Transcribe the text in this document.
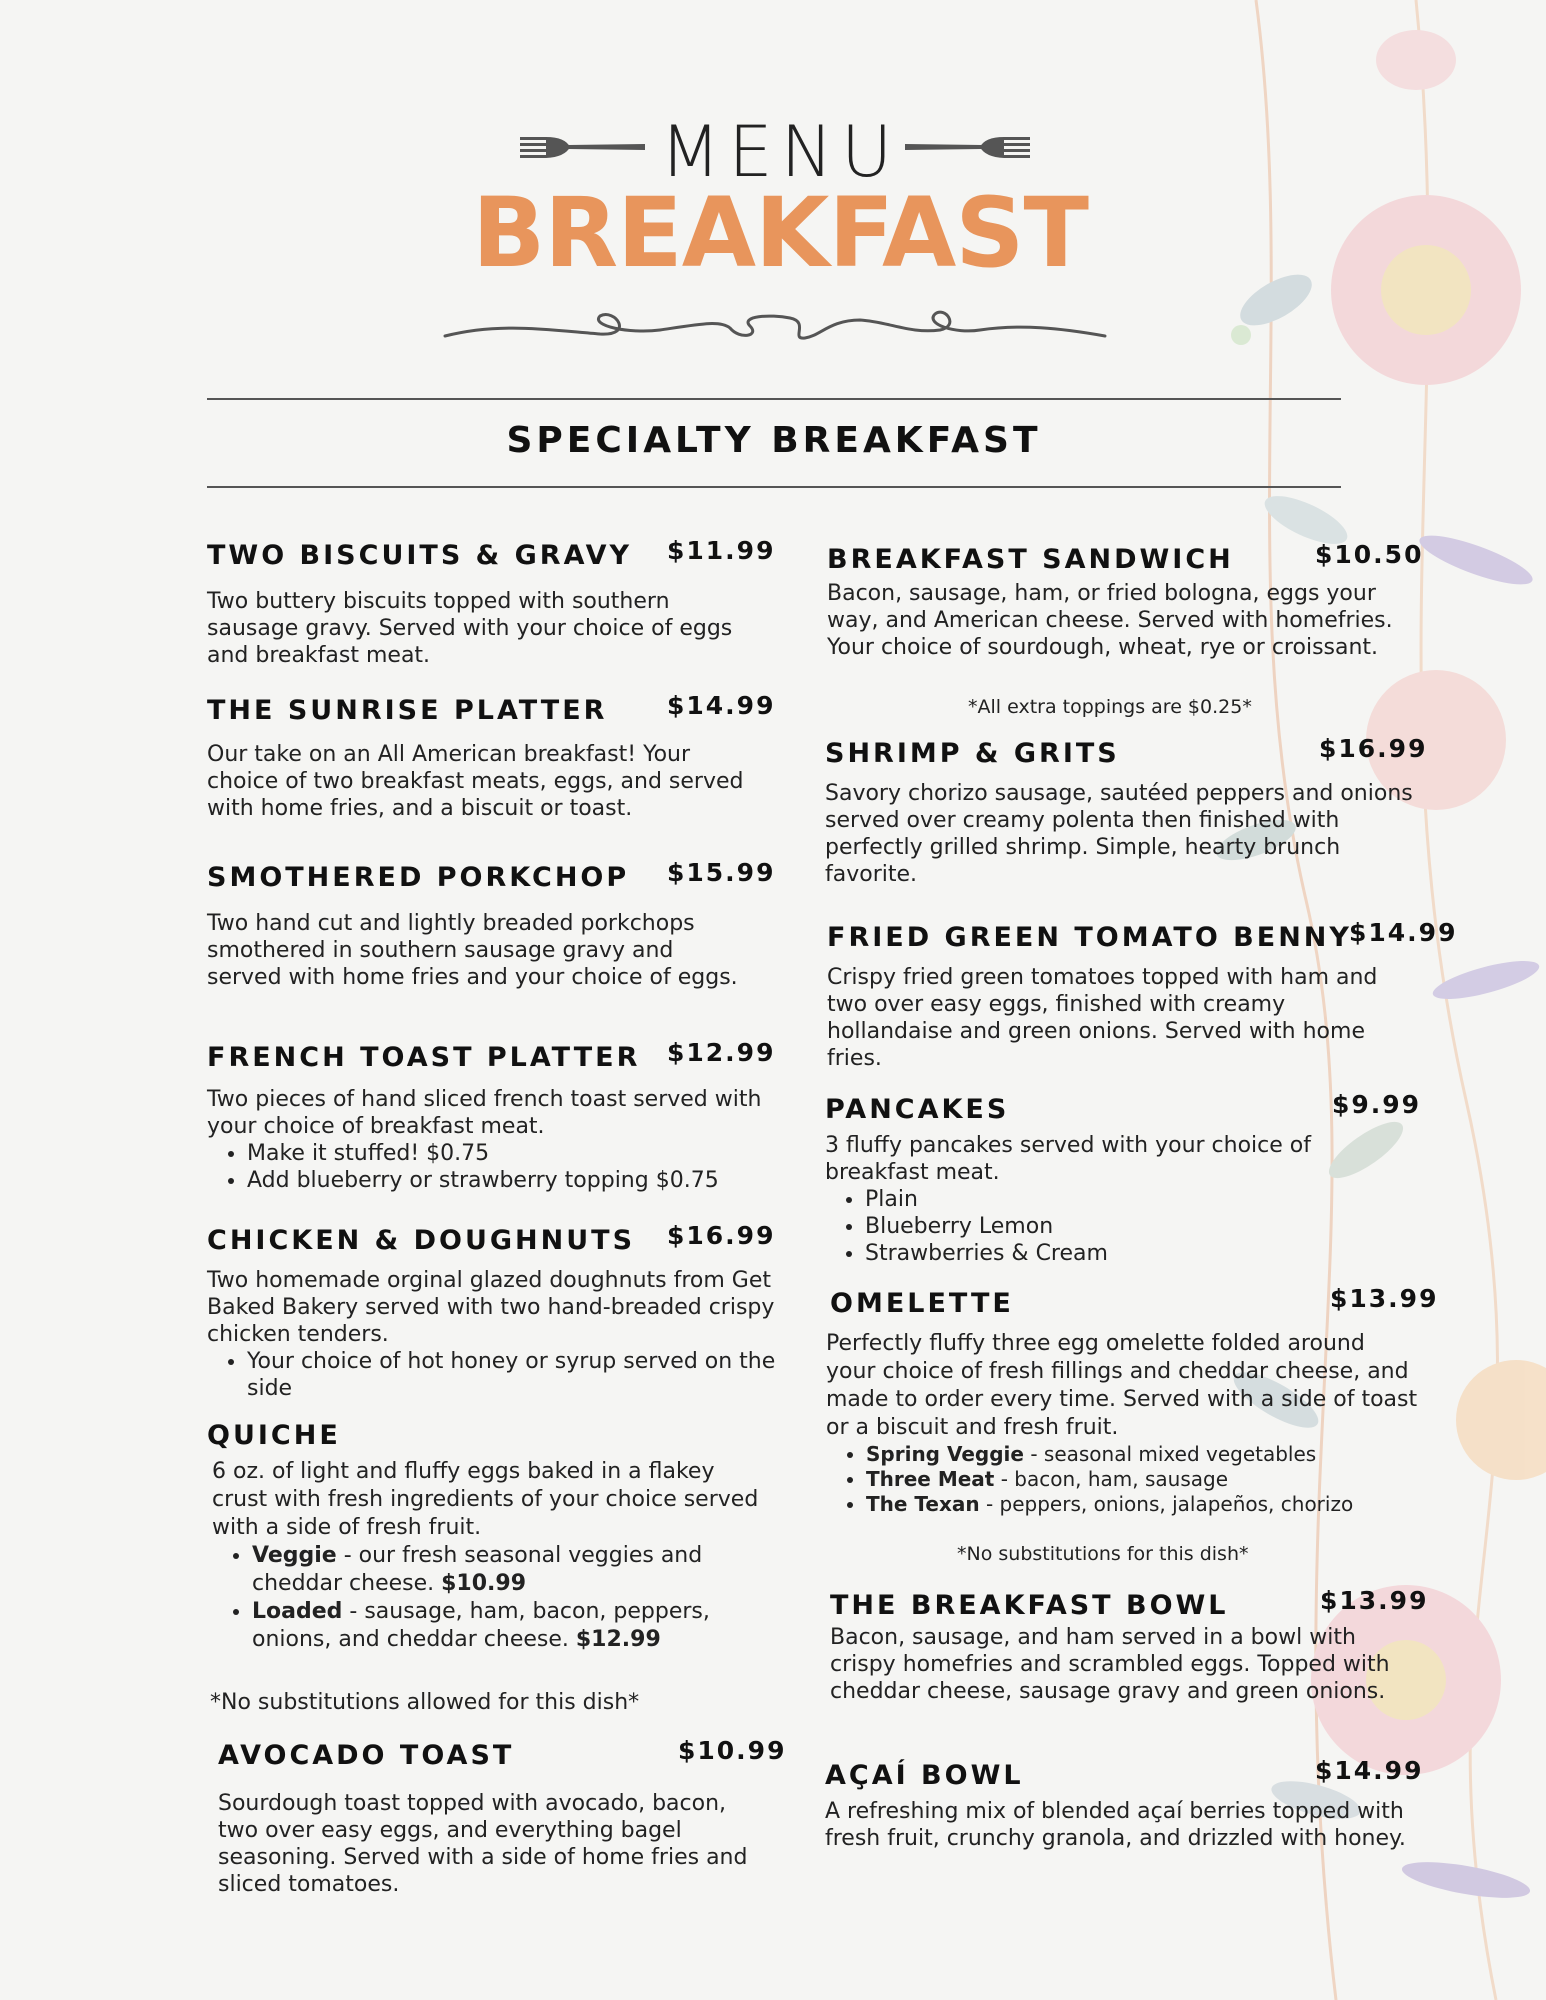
MENU
BREAKFAST
SPECIALTY BREAKFAST
TWO BISCUITS & GRAVY $11.99
Two buttery biscuits topped with southern sausage gravy. Served with your choice of eggs and breakfast meat.
THE SUNRISE PLATTER $14.99
Our take on an All American breakfast! Your choice of two breakfast meats, eggs, and served with home fries, and a biscuit or toast.
SMOTHERED PORKCHOP $15.99
Two hand cut and lightly breaded porkchops smothered in southern sausage gravy and served with home fries and your choice of eggs.
FRENCH TOAST PLATTER $12.99
Two pieces of hand sliced french toast served with your choice of breakfast meat.
• Make it stuffed! $0.75
• Add blueberry or strawberry topping $0.75
CHICKEN & DOUGHNUTS $16.99
Two homemade orginal glazed doughnuts from Get Baked Bakery served with two hand-breaded crispy chicken tenders.
• Your choice of hot honey or syrup served on the side
QUICHE
6 oz. of light and fluffy eggs baked in a flakey crust with fresh ingredients of your choice served with a side of fresh fruit.
• Veggie - our fresh seasonal veggies and cheddar cheese. $10.99
• Loaded - sausage, ham, bacon, peppers, onions, and cheddar cheese. $12.99
*No substitutions allowed for this dish*
AVOCADO TOAST	$10.99
Sourdough toast topped with avocado, bacon, two over easy eggs, and everything bagel seasoning. Served with a side of home fries and sliced tomatoes.
BREAKFAST SANDWICH	$10.50
Bacon, sausage, ham, or fried bologna, eggs your way, and American cheese. Served with homefries. Your choice of sourdough, wheat, rye or croissant.
*All extra toppings are $0.25*
SHRIMP & GRITS	$16.99
Savory chorizo sausage, sautéed peppers and onions served over creamy polenta then finished with perfectly grilled shrimp. Simple, hearty brunch favorite.
FRIED GREEN TOMATO BENNY
$14.99
Crispy fried green tomatoes topped with ham and two over easy eggs, finished with creamy hollandaise and green onions. Served with home fries.
PANCAKES	$9.99
3 fluffy pancakes served with your choice of breakfast meat.
• Plain
• Blueberry Lemon
• Strawberries & Cream
OMELETTE	$13.99
Perfectly fluffy three egg omelette folded around your choice of fresh fillings and cheddar cheese, and made to order every time. Served with a side of toast or a biscuit and fresh fruit.
• Spring Veggie - seasonal mixed vegetables
• Three Meat - bacon, ham, sausage
• The Texan - peppers, onions, jalapeños, chorizo
*No substitutions for this dish*
THE BREAKFAST BOWL	$13.99
Bacon, sausage, and ham served in a bowl with crispy homefries and scrambled eggs. Topped with cheddar cheese, sausage gravy and green onions.
AÇAÍ BOWL	$14.99
A refreshing mix of blended açaí berries topped with fresh fruit, crunchy granola, and drizzled with honey.
